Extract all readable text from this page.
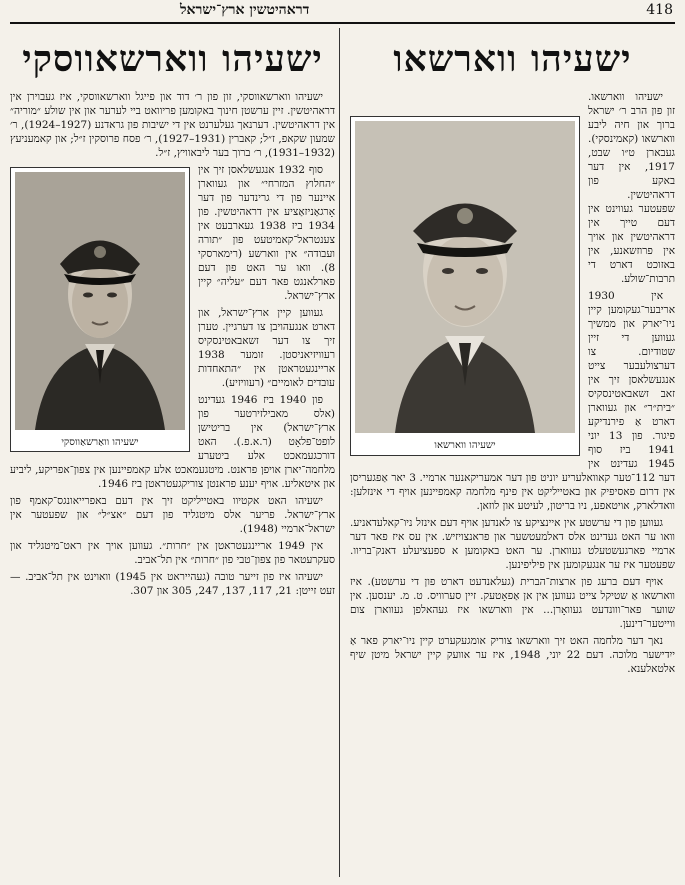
418
דראהיטשין ארץ־ישראל
ישעיהו ווארשאו
ישעיהו ווארשאו

ישעיהו ווארשאו. זון פון הרב ר׳ ישראל ברוך און חיה ליבע ווארשאו (קאמינסקי). געבארן ט״ו שבט, 1917, אין דער באקע פון דראהיטשין. שפעטער געווינט אין דעם טייך אין דראהיטשין און אויך אין פרוזשאנע, אין באזוכט דארט די תרבות־שולע.

אין 1930 אריבער־געקומען קיין ניו־יארק און ממשיך געווען די זיין שטודיום. צו דערצולעבער צייט אנגעשלאסן זיך אין זאב זשאבאטינסקיס ״בית״ר״ און געווארן דארט אַ פירנדיקע פיגור. פון 13 יוני 1941 ביז סוף 1945 געדינט אין דער 112־טער קאוואלעריע יוניט פון דער אמעריקאנער ארמיי. 3 יאר אַפגעריסן אין דרום פאסיפיק און באטייליקט אין פינף מלחמה קאמפיינען אויף די אינזלען: וואדלארק, אויטאפע, ניו בריטון, לעיטע און לוזאן.

געווען פון די ערשטע אין איינציקע צו לאנדען אויף דעם אינזל ניו־קאלעדאניע. וואו ער האט געדינט אלס דאלמעטשער און פראנצויזיש. אין עס איז פאר דער ארמיי פארגעשטעלט געווארן. ער האט באקומען א ספעציעלע דאנק־בריוו. שפעטער איז ער אנגעקומען אין פיליפינען.

אויף דעם ברעג פון ארצות־הברית (געלאנדעט דארט פון די ערשטע). איז ווארשאו אַ שטיקל צייט געווען אין אן אַפאָטעק. זיין סערוויס. ט. מ. יענסען. אין שווער פאר־ווונדעט געוואָרן... אין ווארשאו איז געהאלפן געווארן צום ווייטער־דינען.

נאך דער מלחמה האט זיך ווארשאו צוריק אומגעקערט קיין ניו־יארק פאר אַ ייִדישער מלוכה. דעם 22 יוני, 1948, איז ער אוועק קיין ישראל מיטן שיף אלטאלענא.

ישעיהו ווארשאווסקי

ישעיהו ווארשאווסקי, זון פון ר׳ דוד און פייגל ווארשאווסקי, איז געבוירן אין דראהיטשין. זיין ערשטן חינוך באקומען פריוואט ביי לערער און אין שולע ״מוריה״ אין דראהיטשין. דערנאך געלערנט אין די ישיבות פון גראדנע (1927–1924), ר׳ שמעון שקאפ, ז״ל; קאברין (1931–1927), ר׳ פסח פרוסקין ז״ל; און קאמעניעץ (1932–1931), ר׳ ברוך בער ליבאוויץ, ז״ל.

ישעיהו וואַרשאַווסקי

סוף 1932 אנגעשלאסן זיך אין ״החלוץ המזרחי״ און געווארן איינער פון די גרינדער פון דער אָרגאַניזאַציע אין דראהיטשין. פון 1934 ביז 1938 געארבעט אין צענטראל־קאמיטעט פון ״תורה ועבודה״ אין ווארשע (רימארסקי 8). וואו ער האט פון דעם פארלאנגט פאר דעם ״עליה״ קיין ארץ־ישראל.

געווען קיין ארץ־ישראל, און דארט אנגעהויבן צו דערגיין. טערן זיך צו דער זשאבאטינסקיס רעוויזיאניסטן. זומער 1938 אריינגעטראטן אין ״התאחדות עובדים לאומיים״ (רעוויזיע).

פון 1940 ביז 1946 געדינט (אלס מאבילזירטער פון ארץ־ישראל) אין בריטישן לופט־פלאָט (ר.א.פ.). האט דורכגעמאכט אלע ביטערע מלחמה־יארן אויפן פראנט. מיטגעמאכט אלע קאמפיינען אין צפון־אפריקע, ליביע און איטאליע. אויף יענע פראנטן צוריקגעטראטן ביז 1946.

ישעיהו האט אקטיוו באטייליקט זיך אין דעם באפרייאונגס־קאמף פון ארץ־ישראל. פריער אלס מיטגליד פון דעם ״אצ״ל״ און שפעטער אין ישראל־ארמיי (1948).

אין 1949 אריינגעטראטן אין ״חרות״. געווען אויך אין ראט־מיטגליד און סעקרעטאר פון צפון־טבי פון ״חרות״ אין תל־אביב.

ישעיהו איז פון זייער טובה (געהייראט אין 1945) וואוינט אין תל־אביב. — זעט זייטן: 21, 117, 137, 247, 305 און 307.
